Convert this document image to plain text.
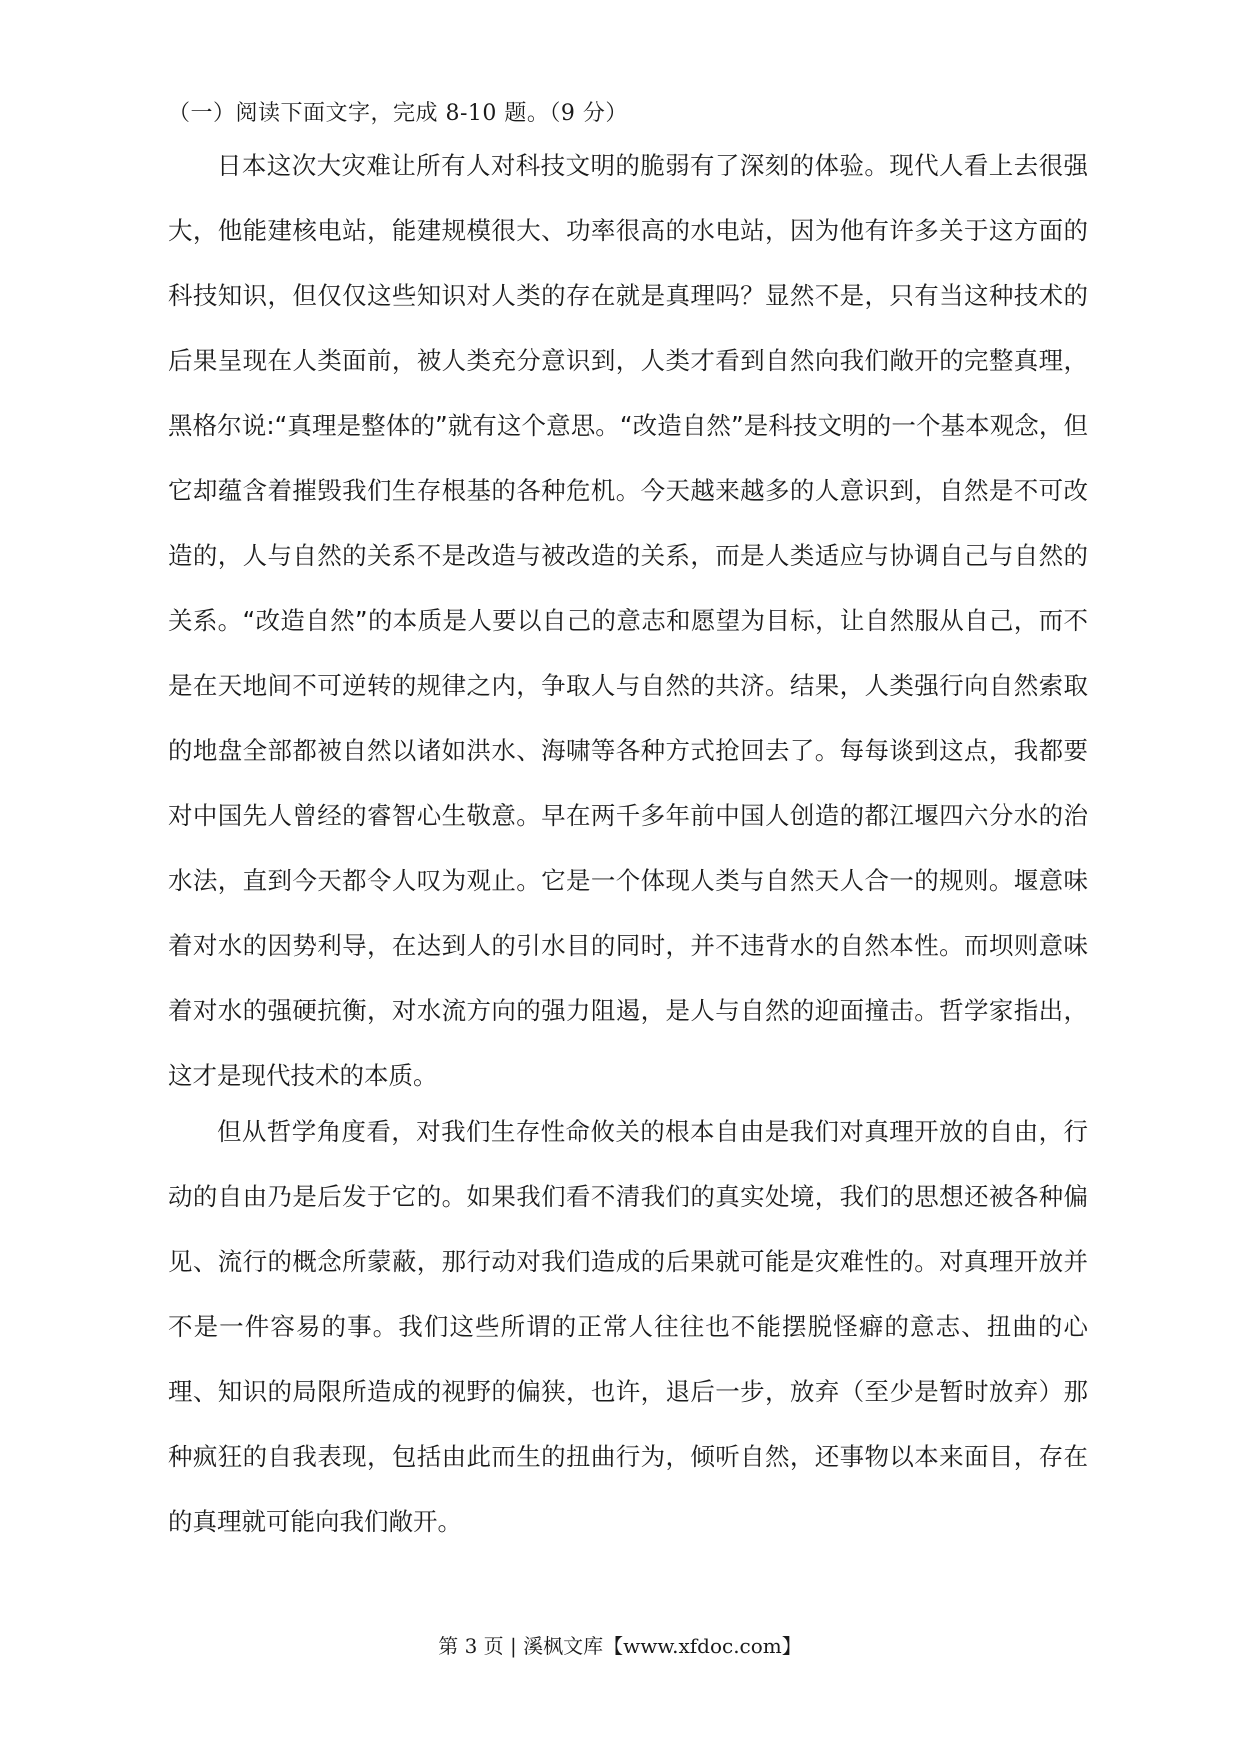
（一）阅读下面文字，完成 8-10 题。（9 分）

日本这次大灾难让所有人对科技文明的脆弱有了深刻的体验。现代人看上去很强大，他能建核电站，能建规模很大、功率很高的水电站，因为他有许多关于这方面的科技知识，但仅仅这些知识对人类的存在就是真理吗？显然不是，只有当这种技术的后果呈现在人类面前，被人类充分意识到，人类才看到自然向我们敞开的完整真理，黑格尔说:“真理是整体的”就有这个意思。“改造自然”是科技文明的一个基本观念，但它却蕴含着摧毁我们生存根基的各种危机。今天越来越多的人意识到，自然是不可改造的，人与自然的关系不是改造与被改造的关系，而是人类适应与协调自己与自然的关系。“改造自然”的本质是人要以自己的意志和愿望为目标，让自然服从自己，而不是在天地间不可逆转的规律之内，争取人与自然的共济。结果，人类强行向自然索取的地盘全部都被自然以诸如洪水、海啸等各种方式抢回去了。每每谈到这点，我都要对中国先人曾经的睿智心生敬意。早在两千多年前中国人创造的都江堰四六分水的治水法，直到今天都令人叹为观止。它是一个体现人类与自然天人合一的规则。堰意味着对水的因势利导，在达到人的引水目的同时，并不违背水的自然本性。而坝则意味着对水的强硬抗衡，对水流方向的强力阻遏，是人与自然的迎面撞击。哲学家指出，这才是现代技术的本质。

但从哲学角度看，对我们生存性命攸关的根本自由是我们对真理开放的自由，行动的自由乃是后发于它的。如果我们看不清我们的真实处境，我们的思想还被各种偏见、流行的概念所蒙蔽，那行动对我们造成的后果就可能是灾难性的。对真理开放并不是一件容易的事。我们这些所谓的正常人往往也不能摆脱怪癖的意志、扭曲的心理、知识的局限所造成的视野的偏狭，也许，退后一步，放弃（至少是暂时放弃）那种疯狂的自我表现，包括由此而生的扭曲行为，倾听自然，还事物以本来面目，存在的真理就可能向我们敞开。

第 3 页 | 溪枫文库【www.xfdoc.com】
